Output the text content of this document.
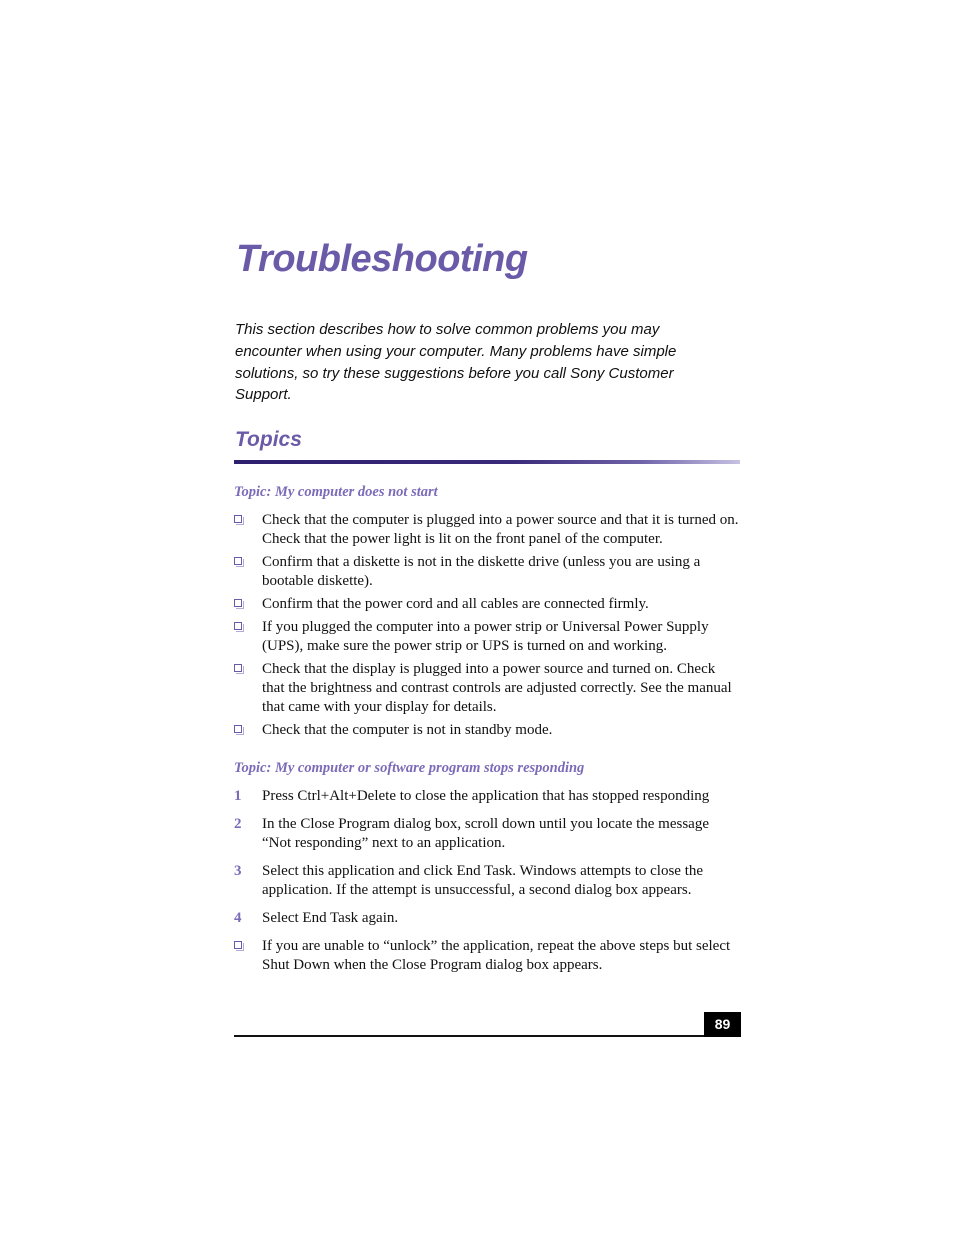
Troubleshooting

This section describes how to solve common problems you may encounter when using your computer. Many problems have simple solutions, so try these suggestions before you call Sony Customer Support.

Topics
Topic: My computer does not start
Check that the computer is plugged into a power source and that it is turned on. Check that the power light is lit on the front panel of the computer.
Confirm that a diskette is not in the diskette drive (unless you are using a bootable diskette).
Confirm that the power cord and all cables are connected firmly.
If you plugged the computer into a power strip or Universal Power Supply (UPS), make sure the power strip or UPS is turned on and working.
Check that the display is plugged into a power source and turned on. Check that the brightness and contrast controls are adjusted correctly. See the manual that came with your display for details.
Check that the computer is not in standby mode.
Topic: My computer or software program stops responding
1 Press Ctrl+Alt+Delete to close the application that has stopped responding
2 In the Close Program dialog box, scroll down until you locate the message “Not responding” next to an application.
3 Select this application and click End Task. Windows attempts to close the application. If the attempt is unsuccessful, a second dialog box appears.
4 Select End Task again.
If you are unable to “unlock” the application, repeat the above steps but select Shut Down when the Close Program dialog box appears.
89
